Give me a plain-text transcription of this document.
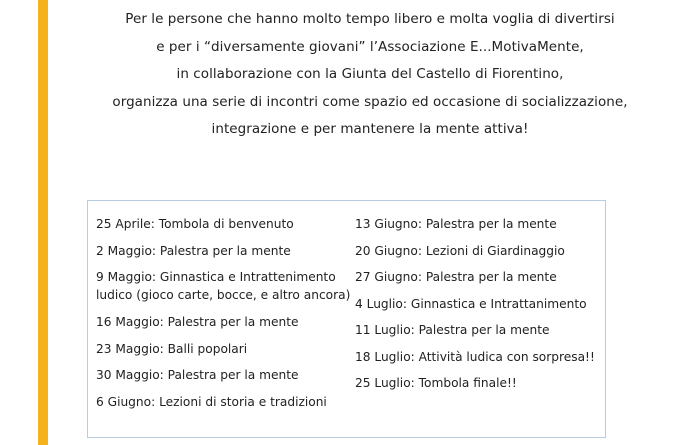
Per le persone che hanno molto tempo libero e molta voglia di divertirsi

e per i “diversamente giovani” l’Associazione E...MotivaMente,

in collaborazione con la Giunta del Castello di Fiorentino,

organizza una serie di incontri come spazio ed occasione di socializzazione,

integrazione e per mantenere la mente attiva!

25 Aprile: Tombola di benvenuto
2 Maggio: Palestra per la mente
9 Maggio: Ginnastica e Intrattenimento
ludico (gioco carte, bocce, e altro ancora)
16 Maggio: Palestra per la mente
23 Maggio: Balli popolari
30 Maggio: Palestra per la mente
6 Giugno: Lezioni di storia e tradizioni
13 Giugno: Palestra per la mente
20 Giugno: Lezioni di Giardinaggio
27 Giugno: Palestra per la mente
4 Luglio: Ginnastica e Intrattanimento
11 Luglio: Palestra per la mente
18 Luglio: Attività ludica con sorpresa!!
25 Luglio: Tombola finale!!
